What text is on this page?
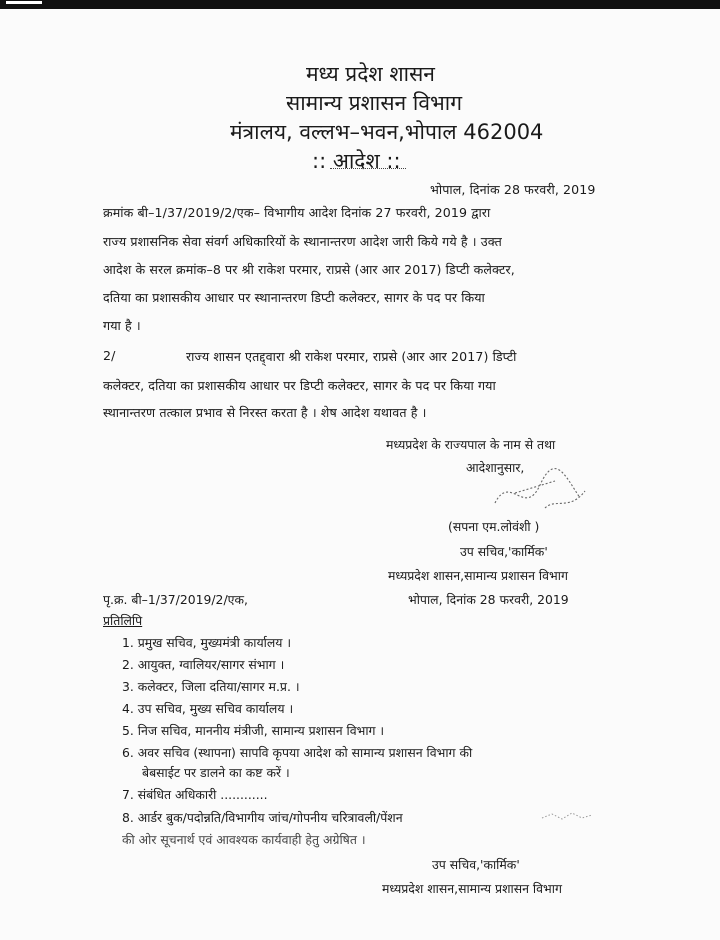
मध्य प्रदेश शासन
सामान्य प्रशासन विभाग
मंत्रालय, वल्लभ–भवन,भोपाल 462004
:: आदेश ::
भोपाल, दिनांक 28 फरवरी, 2019
क्रमांक बी–1/37/2019/2/एक– विभागीय आदेश दिनांक 27 फरवरी, 2019 द्वारा
राज्य प्रशासनिक सेवा संवर्ग अधिकारियों के स्थानान्तरण आदेश जारी किये गये है । उक्त
आदेश के सरल क्रमांक–8 पर श्री राकेश परमार, राप्रसे (आर आर 2017) डिप्टी कलेक्टर,
दतिया का प्रशासकीय आधार पर स्थानान्तरण डिप्टी कलेक्टर, सागर के पद पर किया
गया है ।
2/	राज्य शासन एतद्द्वारा श्री राकेश परमार, राप्रसे (आर आर 2017) डिप्टी
कलेक्टर, दतिया का प्रशासकीय आधार पर डिप्टी कलेक्टर, सागर के पद पर किया गया
स्थानान्तरण तत्काल प्रभाव से निरस्त करता है । शेष आदेश यथावत है ।
मध्यप्रदेश के राज्यपाल के नाम से तथा
आदेशानुसार,
(सपना एम.लोवंशी )
उप सचिव,'कार्मिक'
मध्यप्रदेश शासन,सामान्य प्रशासन विभाग
पृ.क्र. बी–1/37/2019/2/एक,	भोपाल, दिनांक 28 फरवरी, 2019
प्रतिलिपि
1. प्रमुख सचिव, मुख्यमंत्री कार्यालय ।
2. आयुक्त, ग्वालियर/सागर संभाग ।
3. कलेक्टर, जिला दतिया/सागर म.प्र. ।
4. उप सचिव, मुख्य सचिव कार्यालय ।
5. निज सचिव, माननीय मंत्रीजी, सामान्य प्रशासन विभाग ।
6. अवर सचिव (स्थापना) सापवि कृपया आदेश को सामान्य प्रशासन विभाग की
बेबसाईट पर डालने का कष्ट करें ।
7. संबंधित अधिकारी ............
8. आर्डर बुक/पदोन्नति/विभागीय जांच/गोपनीय चरित्रावली/पेंशन
की ओर सूचनार्थ एवं आवश्यक कार्यवाही हेतु अग्रेषित ।
उप सचिव,'कार्मिक'
मध्यप्रदेश शासन,सामान्य प्रशासन विभाग
